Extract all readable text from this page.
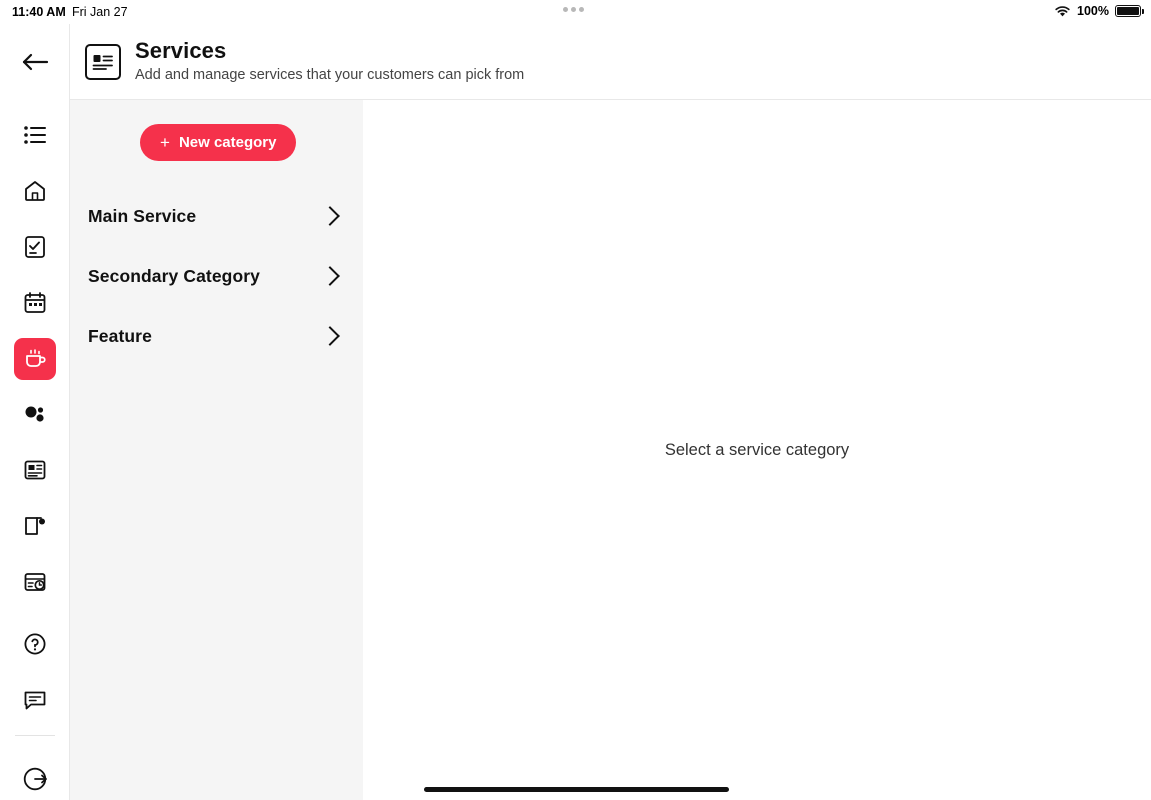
11:40 AM Fri Jan 27	100%
Services
Add and manage services that your customers can pick from
+ New category
Main Service
Secondary Category
Feature
Select a service category
